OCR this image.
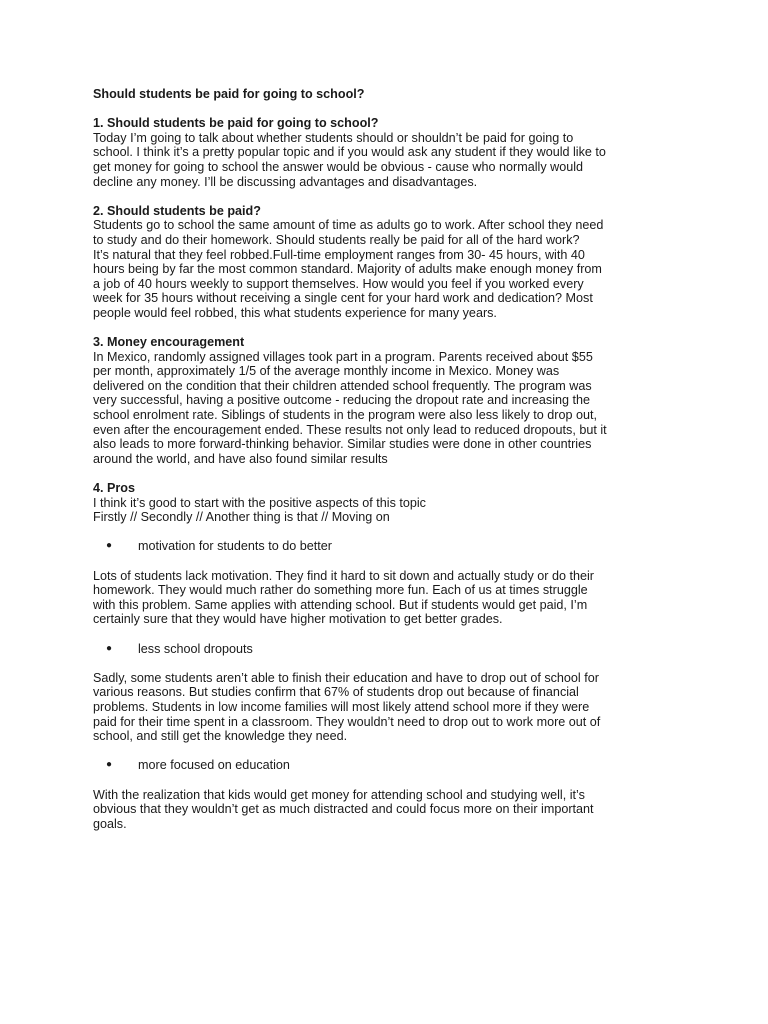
Should students be paid for going to school?
1. Should students be paid for going to school?
Today I’m going to talk about whether students should or shouldn’t be paid for going to
school. I think it’s a pretty popular topic and if you would ask any student if they would like to
get money for going to school the answer would be obvious - cause who normally would
decline any money. I’ll be discussing advantages and disadvantages.
2. Should students be paid?
Students go to school the same amount of time as adults go to work. After school they need
to study and do their homework. Should students really be paid for all of the hard work?
It’s natural that they feel robbed.Full-time employment ranges from 30- 45 hours, with 40
hours being by far the most common standard. Majority of adults make enough money from
a job of 40 hours weekly to support themselves. How would you feel if you worked every
week for 35 hours without receiving a single cent for your hard work and dedication? Most
people would feel robbed, this what students experience for many years.
3. Money encouragement
In Mexico, randomly assigned villages took part in a program. Parents received about $55
per month, approximately 1/5 of the average monthly income in Mexico. Money was
delivered on the condition that their children attended school frequently. The program was
very successful, having a positive outcome - reducing the dropout rate and increasing the
school enrolment rate. Siblings of students in the program were also less likely to drop out,
even after the encouragement ended. These results not only lead to reduced dropouts, but it
also leads to more forward-thinking behavior. Similar studies were done in other countries
around the world, and have also found similar results
4. Pros
I think it’s good to start with the positive aspects of this topic
Firstly // Secondly // Another thing is that // Moving on
● motivation for students to do better
Lots of students lack motivation. They find it hard to sit down and actually study or do their
homework. They would much rather do something more fun. Each of us at times struggle
with this problem. Same applies with attending school. But if students would get paid, I’m
certainly sure that they would have higher motivation to get better grades.
● less school dropouts
Sadly, some students aren’t able to finish their education and have to drop out of school for
various reasons. But studies confirm that 67% of students drop out because of financial
problems. Students in low income families will most likely attend school more if they were
paid for their time spent in a classroom. They wouldn’t need to drop out to work more out of
school, and still get the knowledge they need.
● more focused on education
With the realization that kids would get money for attending school and studying well, it’s
obvious that they wouldn’t get as much distracted and could focus more on their important
goals.
